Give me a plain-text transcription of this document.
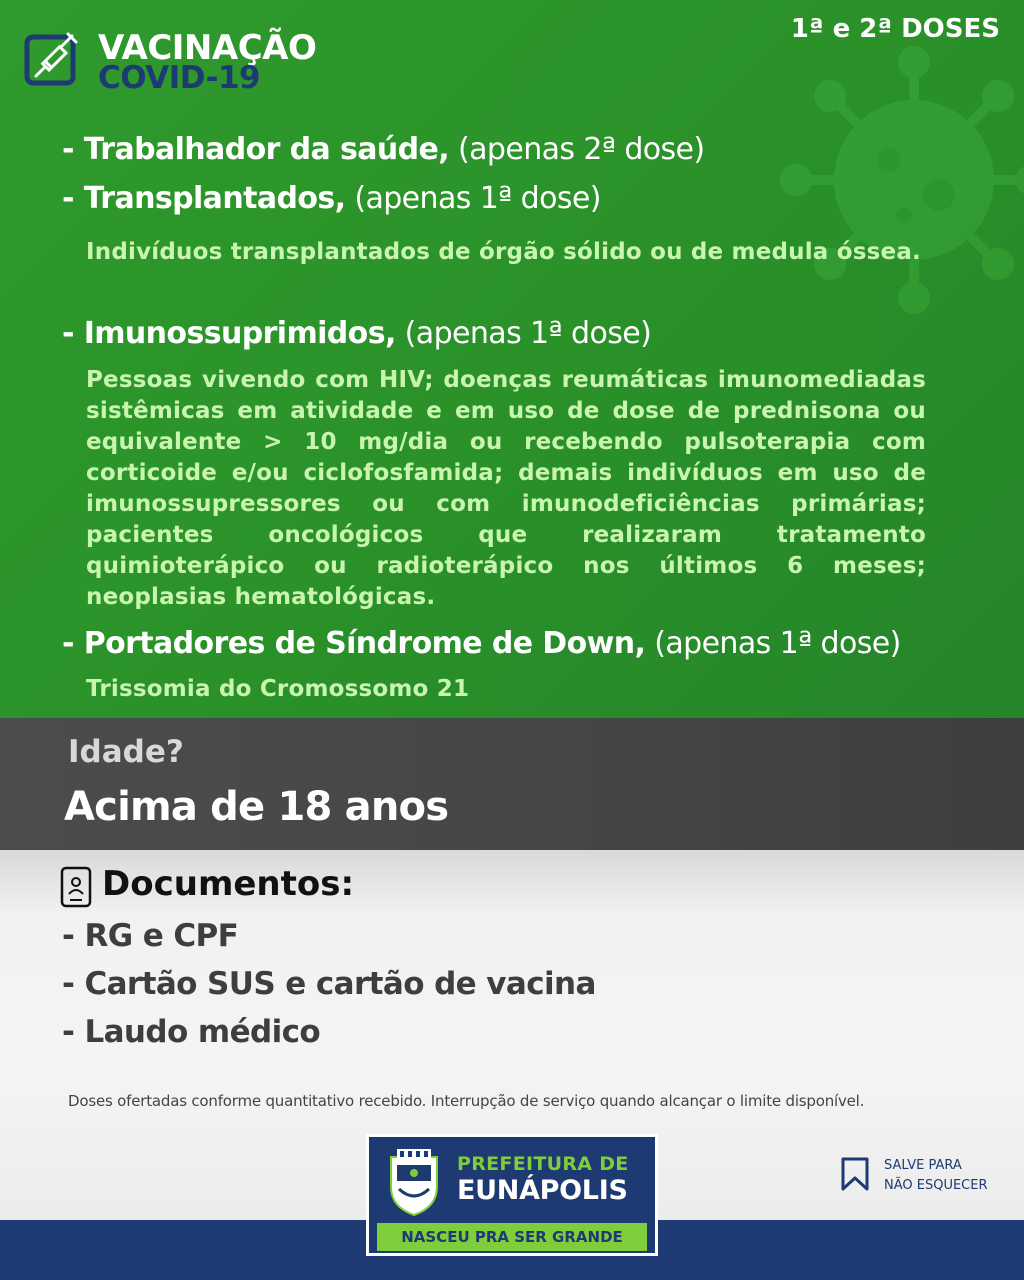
VACINAÇÃO
COVID-19
1ª e 2ª DOSES
- Trabalhador da saúde, (apenas 2ª dose)
- Transplantados, (apenas 1ª dose)
Indivíduos transplantados de órgão sólido ou de medula óssea.
- Imunossuprimidos, (apenas 1ª dose)
Pessoas vivendo com HIV; doenças reumáticas imunomediadas sistêmicas em atividade e em uso de dose de prednisona ou equivalente > 10 mg/dia ou recebendo pulsoterapia com corticoide e/ou ciclofosfamida; demais indivíduos em uso de imunossupressores ou com imunodeficiências primárias; pacientes oncológicos que realizaram tratamento quimioterápico ou radioterápico nos últimos 6 meses; neoplasias hematológicas.
- Portadores de Síndrome de Down, (apenas 1ª dose)
Trissomia do Cromossomo 21
Idade?
Acima de 18 anos
Documentos:
- RG e CPF
- Cartão SUS e cartão de vacina
- Laudo médico
Doses ofertadas conforme quantitativo recebido. Interrupção de serviço quando alcançar o limite disponível.
PREFEITURA DE
EUNÁPOLIS
NASCEU PRA SER GRANDE
SALVE PARA
NÃO ESQUECER
